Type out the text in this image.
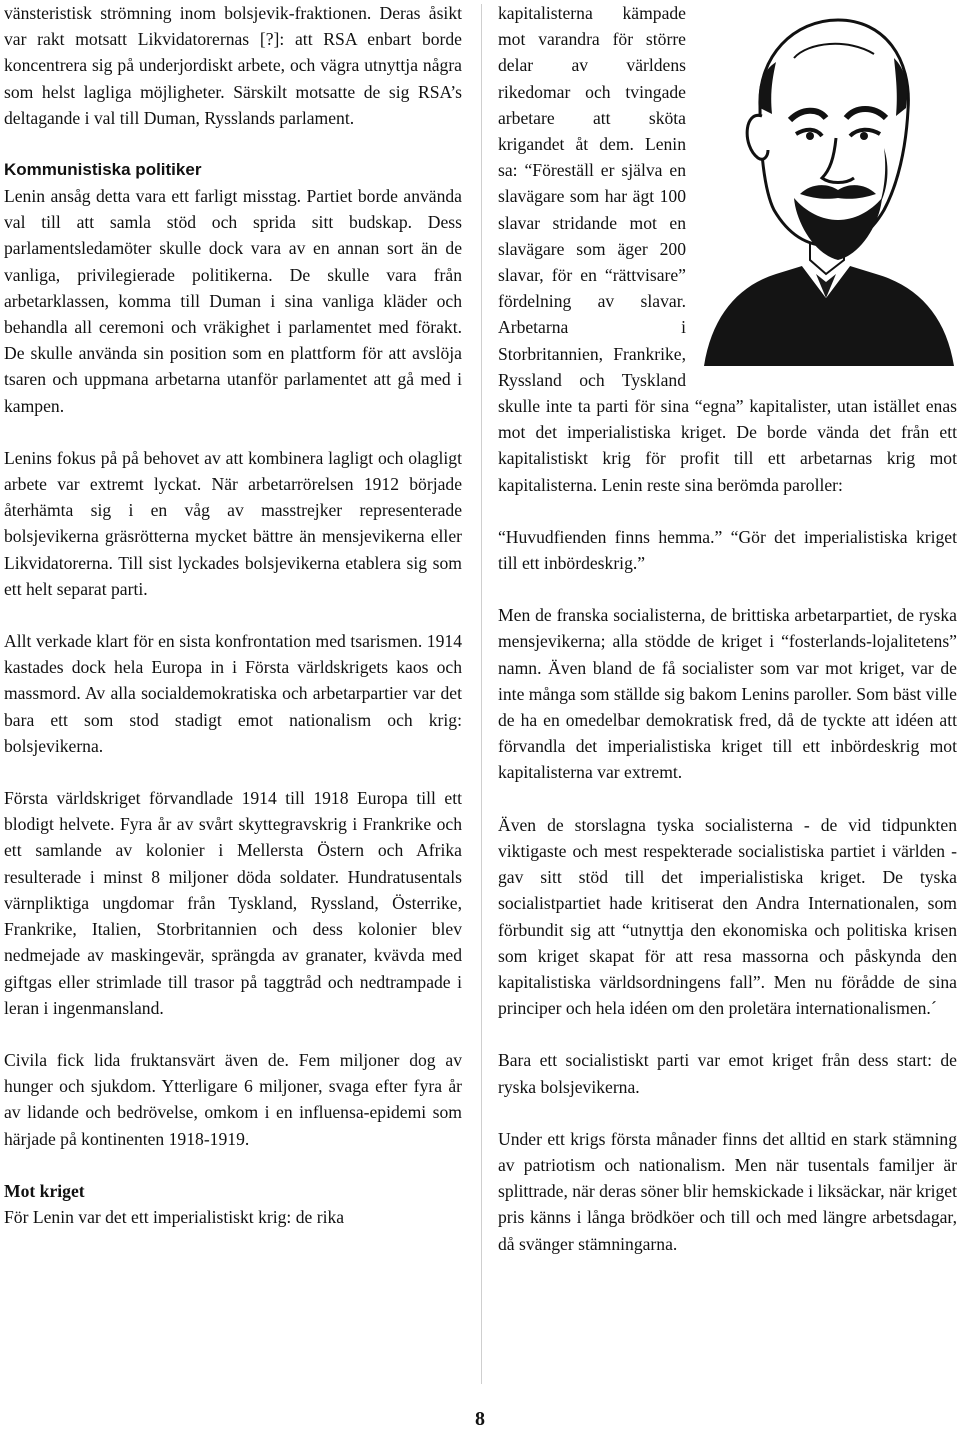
vänsteristisk strömning inom bolsjevik-fraktionen. Deras åsikt var rakt motsatt Likvidatorernas [?]: att RSA enbart borde koncentrera sig på underjordiskt arbete, och vägra utnyttja några som helst lagliga möjligheter. Särskilt motsatte de sig RSA’s deltagande i val till Duman, Rysslands parlament.

Kommunistiska politiker

Lenin ansåg detta vara ett farligt misstag. Partiet borde använda val till att samla stöd och sprida sitt budskap. Dess parlamentsledamöter skulle dock vara av en annan sort än de vanliga, privilegierade politikerna. De skulle vara från arbetarklassen, komma till Duman i sina vanliga kläder och behandla all ceremoni och vräkighet i parlamentet med förakt. De skulle använda sin position som en plattform för att avslöja tsaren och uppmana arbetarna utanför parlamentet att gå med i kampen.

Lenins fokus på på behovet av att kombinera lagligt och olagligt arbete var extremt lyckat. När arbetarrörelsen 1912 började återhämta sig i en våg av masstrejker representerade bolsjevikerna gräsrötterna mycket bättre än mensjevikerna eller Likvidatorerna. Till sist lyckades bolsjevikerna etablera sig som ett helt separat parti.

Allt verkade klart för en sista konfrontation med tsarismen. 1914 kastades dock hela Europa in i Första världskrigets kaos och massmord. Av alla socialdemokratiska och arbetarpartier var det bara ett som stod stadigt emot nationalism och krig: bolsjevikerna.

Första världskriget förvandlade 1914 till 1918 Europa till ett blodigt helvete. Fyra år av svårt skyttegravskrig i Frankrike och ett samlande av kolonier i Mellersta Östern och Afrika resulterade i minst 8 miljoner döda soldater. Hundratusentals värnpliktiga ungdomar från Tyskland, Ryssland, Österrike, Frankrike, Italien, Storbritannien och dess kolonier blev nedmejade av maskingevär, sprängda av granater, kvävda med giftgas eller strimlade till trasor på taggtråd och nedtrampade i leran i ingenmansland.

Civila fick lida fruktansvärt även de. Fem miljoner dog av hunger och sjukdom. Ytterligare 6 miljoner, svaga efter fyra år av lidande och bedrövelse, omkom i en influensa-epidemi som härjade på kontinenten 1918-1919.

Mot kriget

För Lenin var det ett imperialistiskt krig: de rika

kapitalisterna kämpade mot varandra för större delar av världens rikedomar och tvingade arbetare att sköta krigandet åt dem. Lenin sa: “Föreställ er själva en slavägare som har ägt 100 slavar stridande mot en slavägare som äger 200 slavar, för en “rättvisare” fördelning av slavar. Arbetarna i Storbritannien, Frankrike, Ryssland och Tyskland skulle inte ta parti för sina “egna” kapitalister, utan istället enas mot det imperialistiska kriget. De borde vända det från ett kapitalistiskt krig för profit till ett arbetarnas krig mot kapitalisterna. Lenin reste sina berömda paroller:

“Huvudfienden finns hemma.” “Gör det imperialistiska kriget till ett inbördeskrig.”

Men de franska socialisterna, de brittiska arbetarpartiet, de ryska mensjevikerna; alla stödde de kriget i “fosterlands-lojalitetens” namn. Även bland de få socialister som var mot kriget, var de inte många som ställde sig bakom Lenins paroller. Som bäst ville de ha en omedelbar demokratisk fred, då de tyckte att idéen att förvandla det imperialistiska kriget till ett inbördeskrig mot kapitalisterna var extremt.

Även de storslagna tyska socialisterna - de vid tidpunkten viktigaste och mest respekterade socialistiska partiet i världen - gav sitt stöd till det imperialistiska kriget. De tyska socialistpartiet hade kritiserat den Andra Internationalen, som förbundit sig att “utnyttja den ekonomiska och politiska krisen som kriget skapat för att resa massorna och påskynda den kapitalistiska världsordningens fall”. Men nu förådde de sina principer och hela idéen om den proletära internationalismen.´

Bara ett socialistiskt parti var emot kriget från dess start: de ryska bolsjevikerna.

Under ett krigs första månader finns det alltid en stark stämning av patriotism och nationalism. Men när tusentals familjer är splittrade, när deras söner blir hemskickade i liksäckar, när kriget pris känns i långa brödköer och till och med längre arbetsdagar, då svänger stämningarna.

8
